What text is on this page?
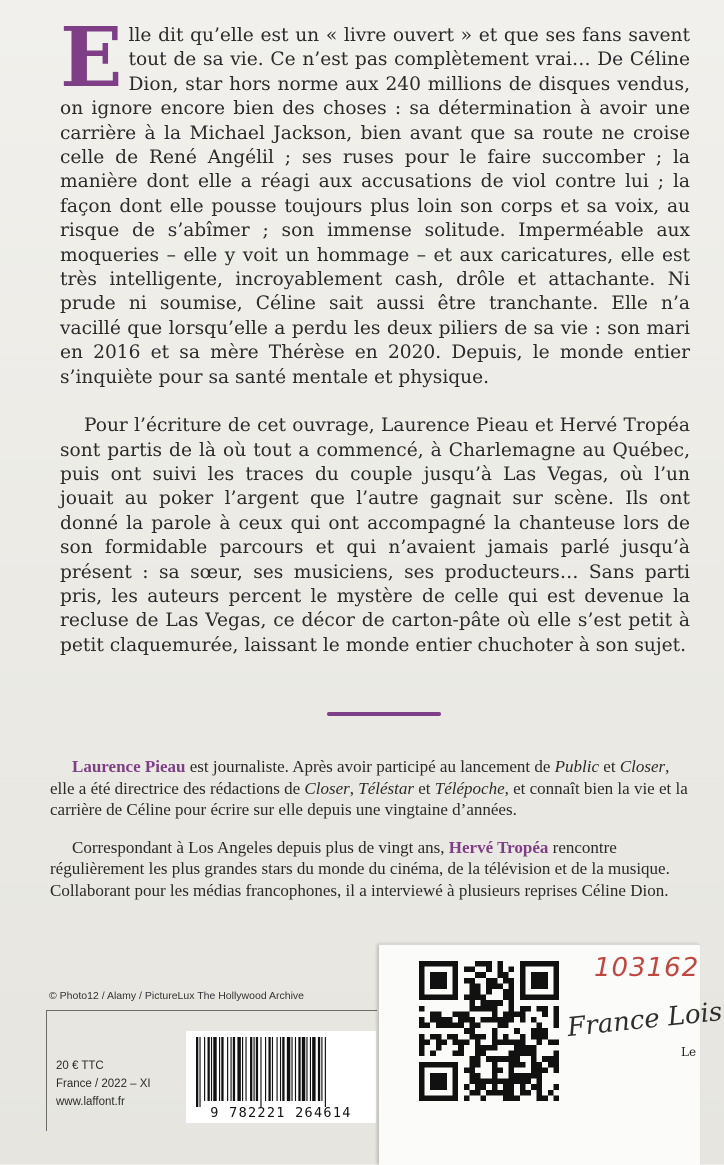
Elle dit qu’elle est un « livre ouvert » et que ses fans savent tout de sa vie. Ce n’est pas complètement vrai… De Céline Dion, star hors norme aux 240 millions de disques vendus, on ignore encore bien des choses : sa détermination à avoir une carrière à la Michael Jackson, bien avant que sa route ne croise celle de René Angélil ; ses ruses pour le faire succomber ; la manière dont elle a réagi aux accusations de viol contre lui ; la façon dont elle pousse toujours plus loin son corps et sa voix, au risque de s’abîmer ; son immense solitude. Imperméable aux moqueries – elle y voit un hommage – et aux caricatures, elle est très intelligente, incroyablement cash, drôle et attachante. Ni prude ni soumise, Céline sait aussi être tranchante. Elle n’a vacillé que lorsqu’elle a perdu les deux piliers de sa vie : son mari en 2016 et sa mère Thérèse en 2020. Depuis, le monde entier s’inquiète pour sa santé mentale et physique.

Pour l’écriture de cet ouvrage, Laurence Pieau et Hervé Tropéa sont partis de là où tout a commencé, à Charlemagne au Québec, puis ont suivi les traces du couple jusqu’à Las Vegas, où l’un jouait au poker l’argent que l’autre gagnait sur scène. Ils ont donné la parole à ceux qui ont accompagné la chanteuse lors de son formidable parcours et qui n’avaient jamais parlé jusqu’à présent : sa sœur, ses musiciens, ses producteurs… Sans parti pris, les auteurs percent le mystère de celle qui est devenue la recluse de Las Vegas, ce décor de carton-pâte où elle s’est petit à petit claquemurée, laissant le monde entier chuchoter à son sujet.

Laurence Pieau est journaliste. Après avoir participé au lancement de Public et Closer, elle a été directrice des rédactions de Closer, Téléstar et Télépoche, et connaît bien la vie et la carrière de Céline pour écrire sur elle depuis une vingtaine d’années.

Correspondant à Los Angeles depuis plus de vingt ans, Hervé Tropéa rencontre régulièrement les plus grandes stars du monde du cinéma, de la télévision et de la musique. Collaborant pour les médias francophones, il a interviewé à plusieurs reprises Céline Dion.

© Photo12 / Alamy / PictureLux The Hollywood Archive
20 € TTC
France / 2022 – XI
www.laffont.fr
9 782221 264614
103162
France Lois
Le
